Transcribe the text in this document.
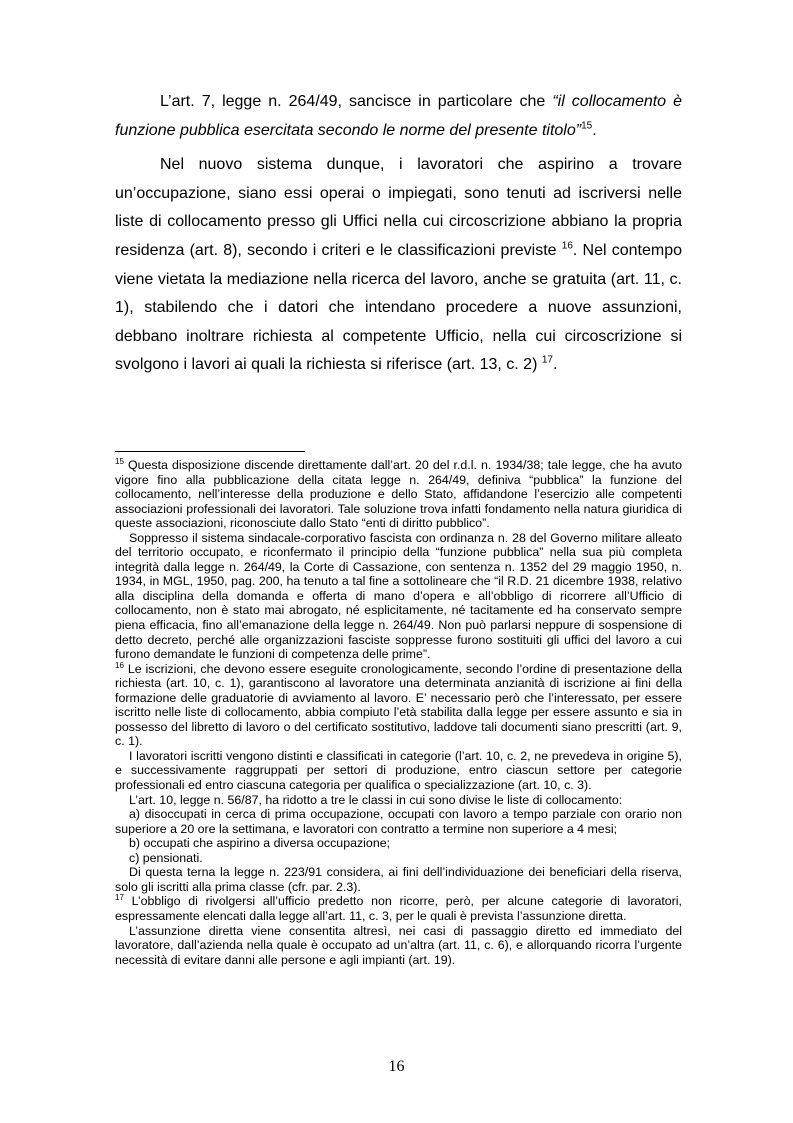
L’art. 7, legge n. 264/49, sancisce in particolare che “il collocamento è funzione pubblica esercitata secondo le norme del presente titolo”$^{15}$.

Nel nuovo sistema dunque, i lavoratori che aspirino a trovare un’occupazione, siano essi operai o impiegati, sono tenuti ad iscriversi nelle liste di collocamento presso gli Uffici nella cui circoscrizione abbiano la propria residenza (art. 8), secondo i criteri e le classificazioni previste $^{16}$. Nel contempo viene vietata la mediazione nella ricerca del lavoro, anche se gratuita (art. 11, c. 1), stabilendo che i datori che intendano procedere a nuove assunzioni, debbano inoltrare richiesta al competente Ufficio, nella cui circoscrizione si svolgono i lavori ai quali la richiesta si riferisce (art. 13, c. 2) $^{17}$.

$^{15}$ Questa disposizione discende direttamente dall’art. 20 del r.d.l. n. 1934/38; tale legge, che ha avuto vigore fino alla pubblicazione della citata legge n. 264/49, definiva “pubblica” la funzione del collocamento, nell’interesse della produzione e dello Stato, affidandone l’esercizio alle competenti associazioni professionali dei lavoratori. Tale soluzione trova infatti fondamento nella natura giuridica di queste associazioni, riconosciute dallo Stato “enti di diritto pubblico”.

Soppresso il sistema sindacale-corporativo fascista con ordinanza n. 28 del Governo militare alleato del territorio occupato, e riconfermato il principio della “funzione pubblica” nella sua più completa integrità dalla legge n. 264/49, la Corte di Cassazione, con sentenza n. 1352 del 29 maggio 1950, n. 1934, in MGL, 1950, pag. 200, ha tenuto a tal fine a sottolineare che “il R.D. 21 dicembre 1938, relativo alla disciplina della domanda e offerta di mano d’opera e all’obbligo di ricorrere all’Ufficio di collocamento, non è stato mai abrogato, né esplicitamente, né tacitamente ed ha conservato sempre piena efficacia, fino all’emanazione della legge n. 264/49. Non può parlarsi neppure di sospensione di detto decreto, perché alle organizzazioni fasciste soppresse furono sostituiti gli uffici del lavoro a cui furono demandate le funzioni di competenza delle prime”.

$^{16}$ Le iscrizioni, che devono essere eseguite cronologicamente, secondo l’ordine di presentazione della richiesta (art. 10, c. 1), garantiscono al lavoratore una determinata anzianità di iscrizione ai fini della formazione delle graduatorie di avviamento al lavoro. E’ necessario però che l’interessato, per essere iscritto nelle liste di collocamento, abbia compiuto l’età stabilita dalla legge per essere assunto e sia in possesso del libretto di lavoro o del certificato sostitutivo, laddove tali documenti siano prescritti (art. 9, c. 1).

I lavoratori iscritti vengono distinti e classificati in categorie (l’art. 10, c. 2, ne prevedeva in origine 5), e successivamente raggruppati per settori di produzione, entro ciascun settore per categorie professionali ed entro ciascuna categoria per qualifica o specializzazione (art. 10, c. 3).

L’art. 10, legge n. 56/87, ha ridotto a tre le classi in cui sono divise le liste di collocamento:

a) disoccupati in cerca di prima occupazione, occupati con lavoro a tempo parziale con orario non superiore a 20 ore la settimana, e lavoratori con contratto a termine non superiore a 4 mesi;

b) occupati che aspirino a diversa occupazione;

c) pensionati.

Di questa terna la legge n. 223/91 considera, ai fini dell’individuazione dei beneficiari della riserva, solo gli iscritti alla prima classe (cfr. par. 2.3).

$^{17}$ L’obbligo di rivolgersi all’ufficio predetto non ricorre, però, per alcune categorie di lavoratori, espressamente elencati dalla legge all’art. 11, c. 3, per le quali è prevista l’assunzione diretta.

L’assunzione diretta viene consentita altresì, nei casi di passaggio diretto ed immediato del lavoratore, dall’azienda nella quale è occupato ad un’altra (art. 11, c. 6), e allorquando ricorra l’urgente necessità di evitare danni alle persone e agli impianti (art. 19).

16
